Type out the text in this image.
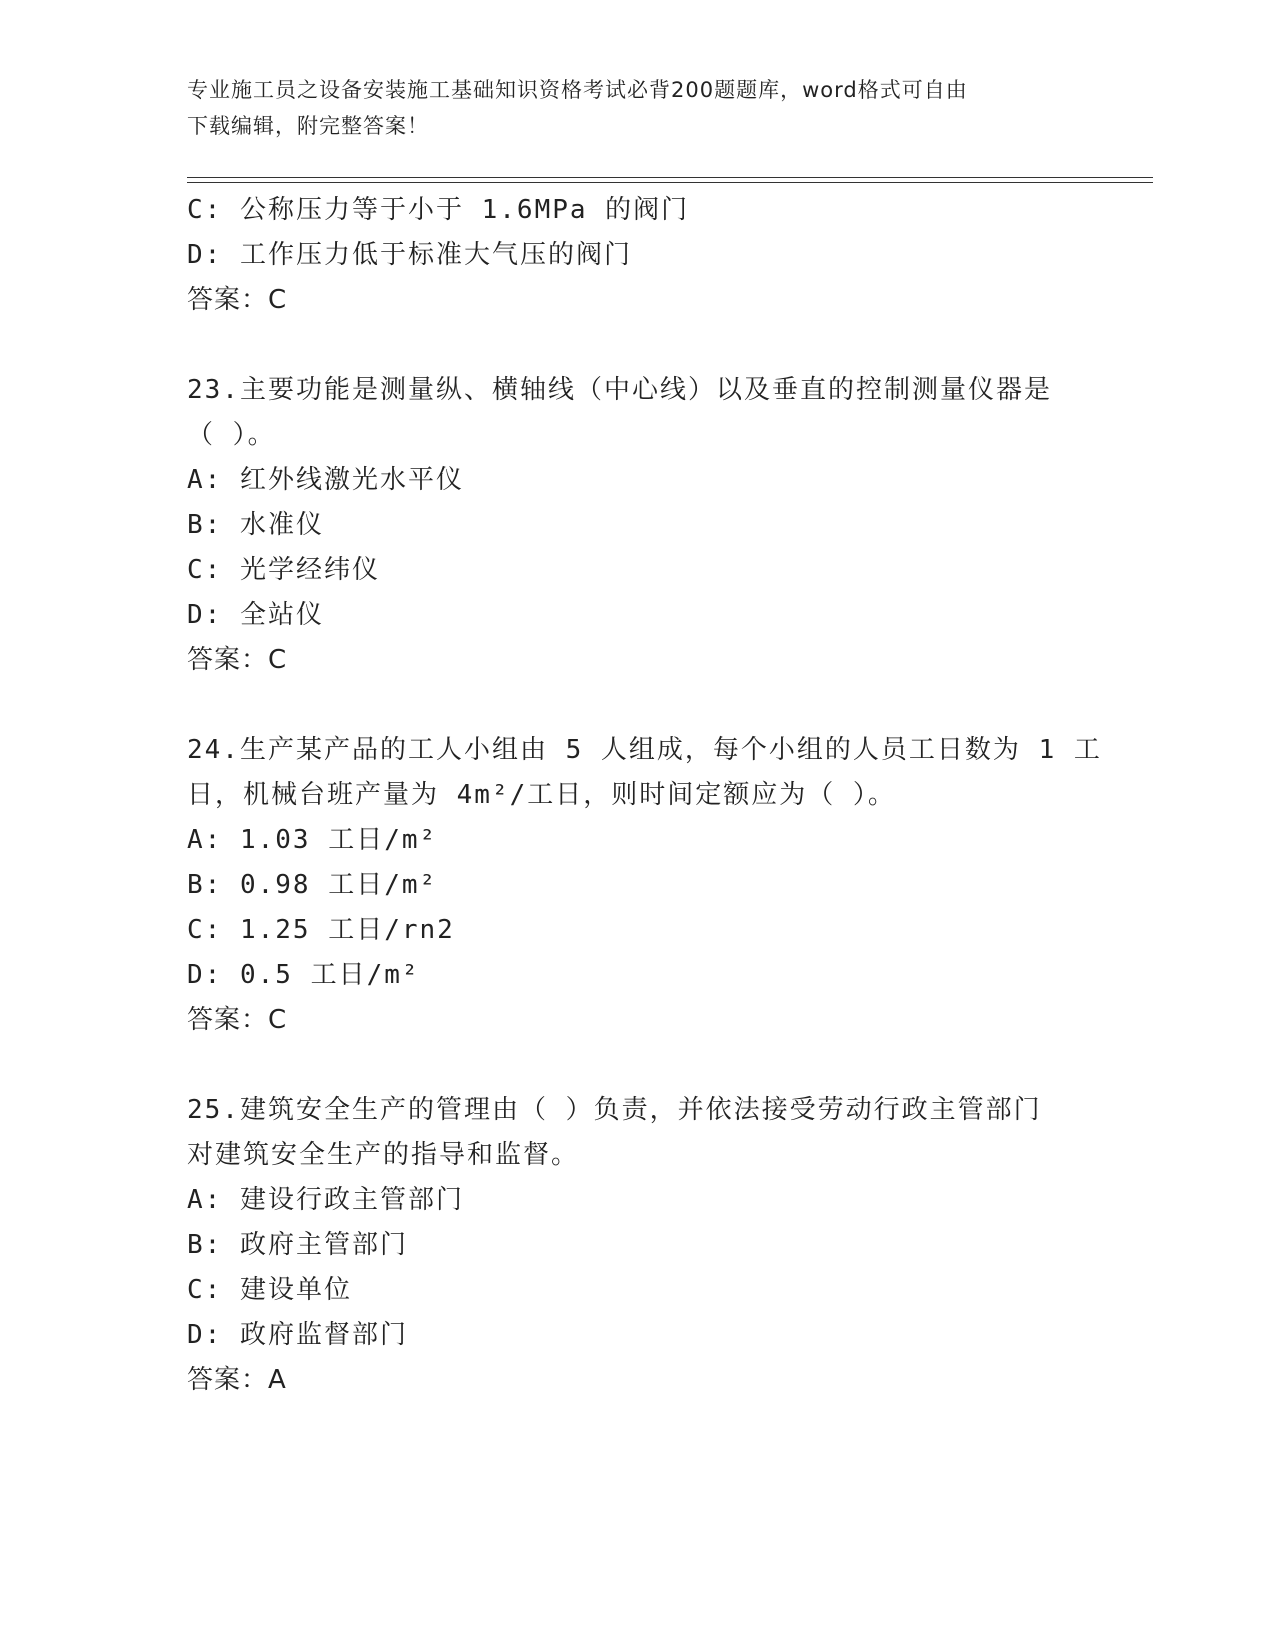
专业施工员之设备安装施工基础知识资格考试必背200题题库，word格式可自由
下载编辑，附完整答案！
C: 公称压力等于小于 1.6MPa 的阀门
D: 工作压力低于标准大气压的阀门
答案：C
23.主要功能是测量纵、横轴线（中心线）以及垂直的控制测量仪器是
（ ）。
A: 红外线激光水平仪
B: 水准仪
C: 光学经纬仪
D: 全站仪
答案：C
24.生产某产品的工人小组由 5 人组成，每个小组的人员工日数为 1 工
日，机械台班产量为 4m²/工日，则时间定额应为（ ）。
A: 1.03 工日/m²
B: 0.98 工日/m²
C: 1.25 工日/rn2
D: 0.5 工日/m²
答案：C
25.建筑安全生产的管理由（ ）负责，并依法接受劳动行政主管部门
对建筑安全生产的指导和监督。
A: 建设行政主管部门
B: 政府主管部门
C: 建设单位
D: 政府监督部门
答案：A
